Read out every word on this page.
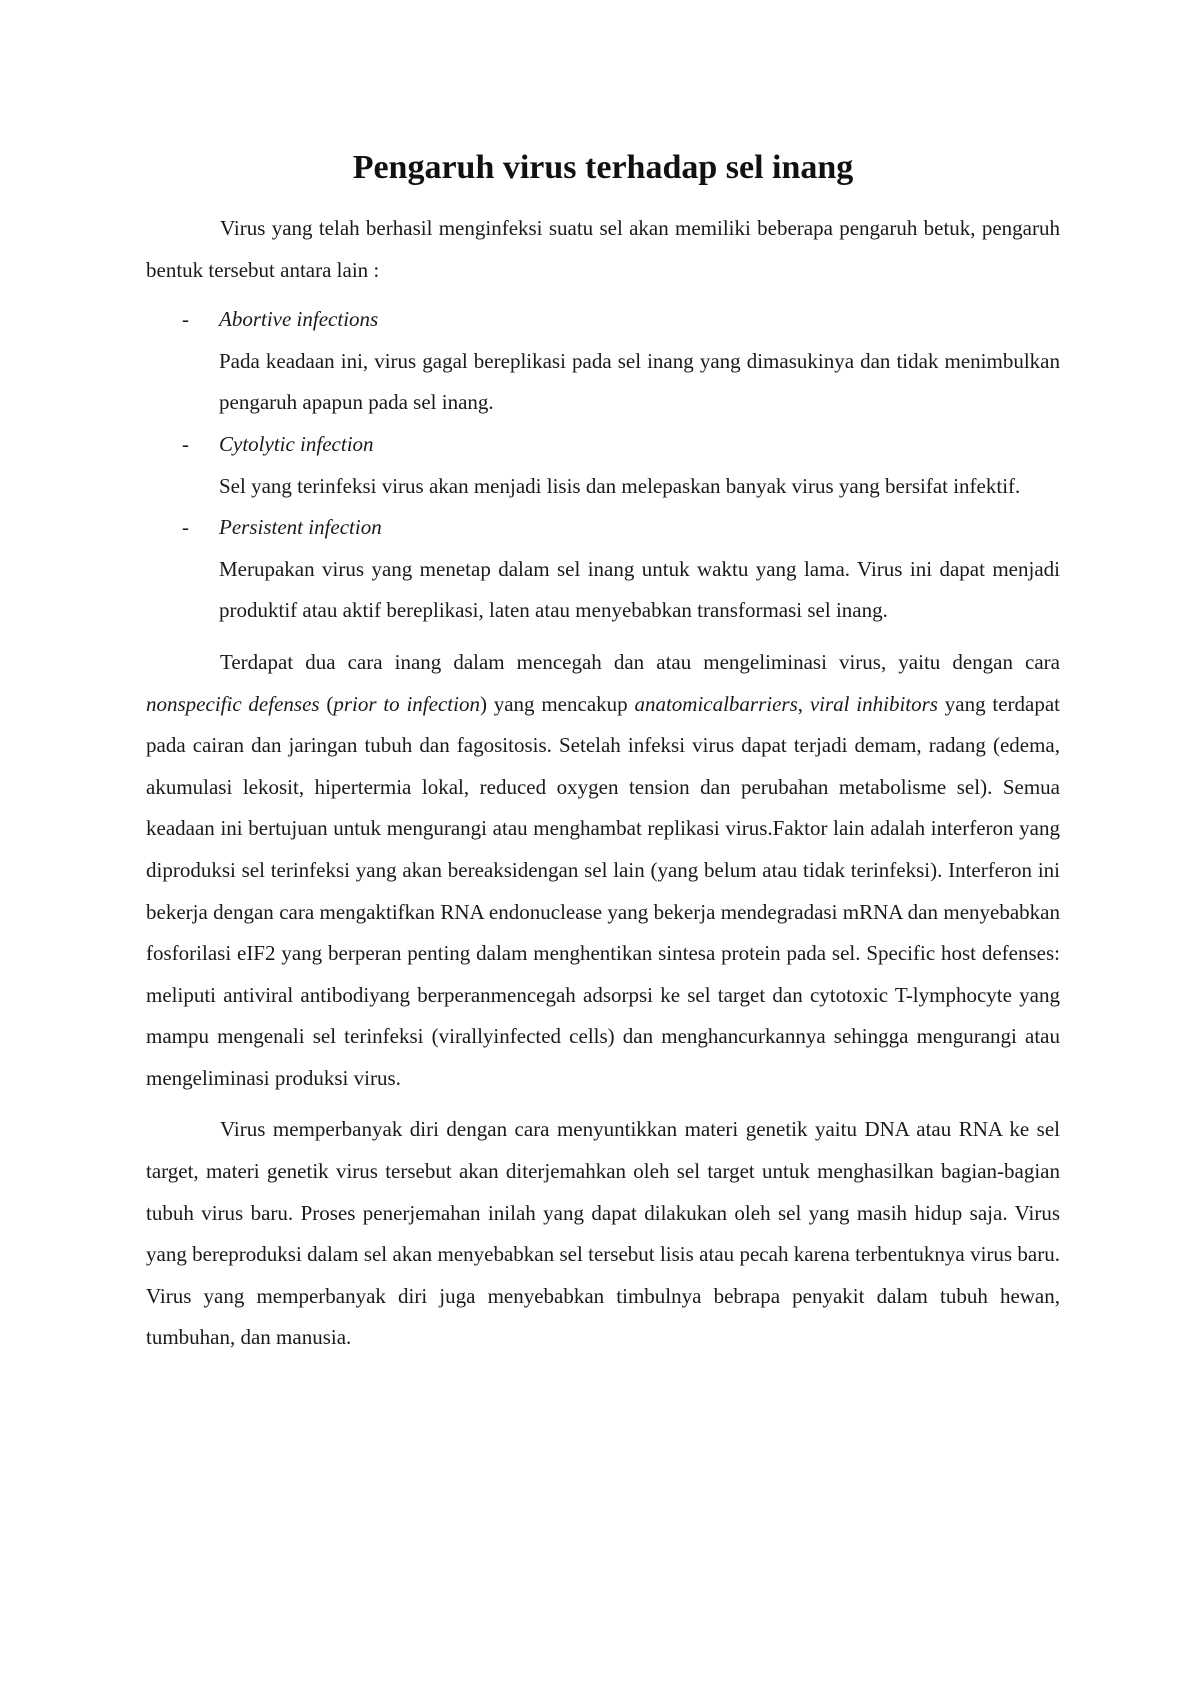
Pengaruh virus terhadap sel inang

Virus yang telah berhasil menginfeksi suatu sel akan memiliki beberapa pengaruh betuk, pengaruh bentuk tersebut antara lain :

- Abortive infections
Pada keadaan ini, virus gagal bereplikasi pada sel inang yang dimasukinya dan tidak menimbulkan pengaruh apapun pada sel inang.
- Cytolytic infection
Sel yang terinfeksi virus akan menjadi lisis dan melepaskan banyak virus yang bersifat infektif.
- Persistent infection
Merupakan virus yang menetap dalam sel inang untuk waktu yang lama. Virus ini dapat menjadi produktif atau aktif bereplikasi, laten atau menyebabkan transformasi sel inang.

Terdapat dua cara inang dalam mencegah dan atau mengeliminasi virus, yaitu dengan cara nonspecific defenses (prior to infection) yang mencakup anatomicalbarriers, viral inhibitors yang terdapat pada cairan dan jaringan tubuh dan fagositosis. Setelah infeksi virus dapat terjadi demam, radang (edema, akumulasi lekosit, hipertermia lokal, reduced oxygen tension dan perubahan metabolisme sel). Semua keadaan ini bertujuan untuk mengurangi atau menghambat replikasi virus.Faktor lain adalah interferon yang diproduksi sel terinfeksi yang akan bereaksidengan sel lain (yang belum atau tidak terinfeksi). Interferon ini bekerja dengan cara mengaktifkan RNA endonuclease yang bekerja mendegradasi mRNA dan menyebabkan fosforilasi eIF2 yang berperan penting dalam menghentikan sintesa protein pada sel. Specific host defenses: meliputi antiviral antibodiyang berperanmencegah adsorpsi ke sel target dan cytotoxic T-lymphocyte yang mampu mengenali sel terinfeksi (virallyinfected cells) dan menghancurkannya sehingga mengurangi atau mengeliminasi produksi virus.

Virus memperbanyak diri dengan cara menyuntikkan materi genetik yaitu DNA atau RNA ke sel target, materi genetik virus tersebut akan diterjemahkan oleh sel target untuk menghasilkan bagian-bagian tubuh virus baru. Proses penerjemahan inilah yang dapat dilakukan oleh sel yang masih hidup saja. Virus yang bereproduksi dalam sel akan menyebabkan sel tersebut lisis atau pecah karena terbentuknya virus baru. Virus yang memperbanyak diri juga menyebabkan timbulnya bebrapa penyakit dalam tubuh hewan, tumbuhan, dan manusia.
